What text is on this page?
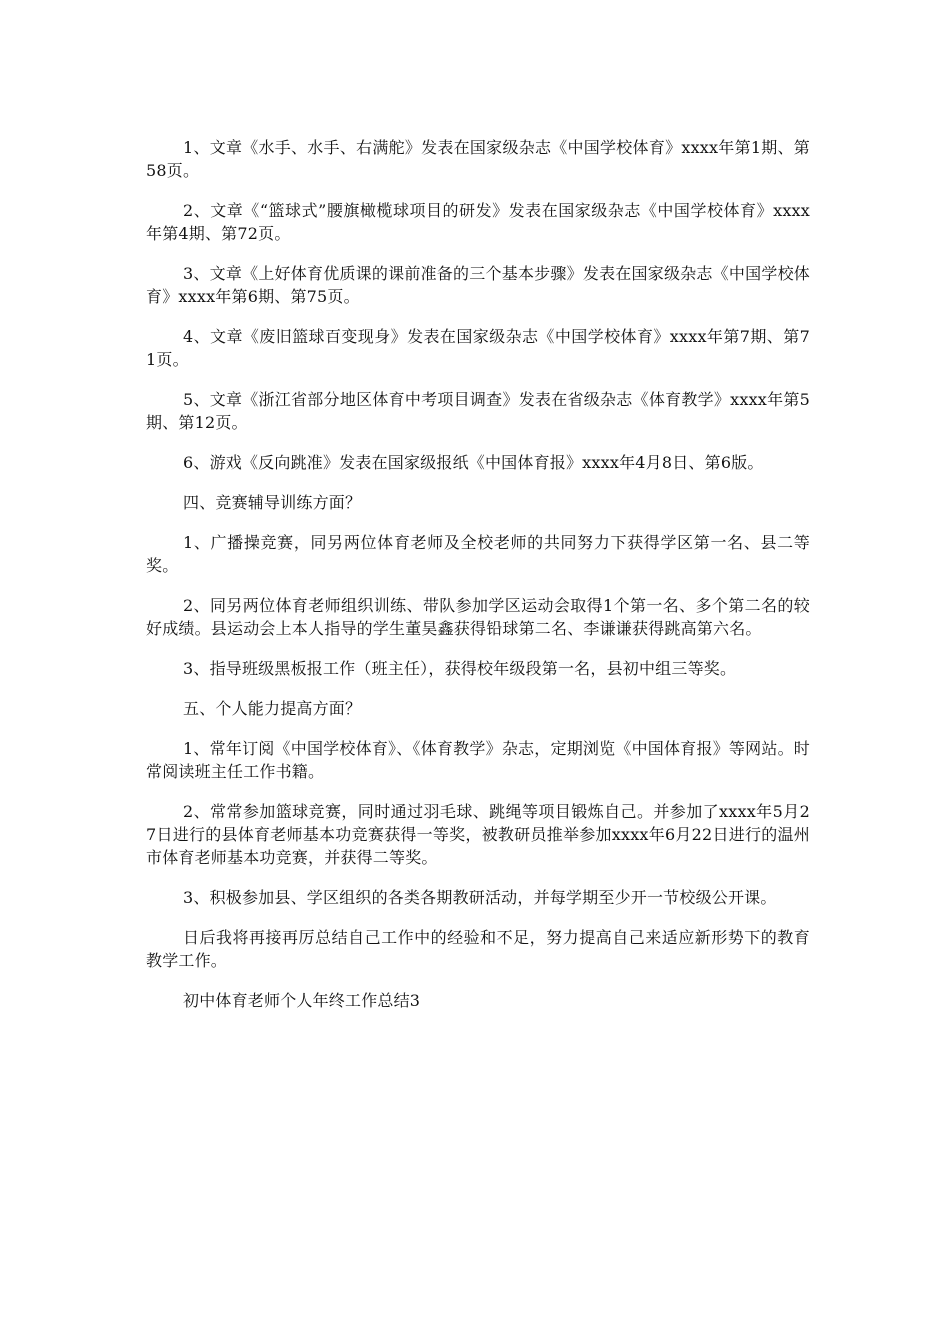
1、文章《水手、水手、右满舵》发表在国家级杂志《中国学校体育》xxxx年第1期、第58页。

2、文章《“篮球式”腰旗橄榄球项目的研发》发表在国家级杂志《中国学校体育》xxxx年第4期、第72页。

3、文章《上好体育优质课的课前准备的三个基本步骤》发表在国家级杂志《中国学校体育》xxxx年第6期、第75页。

4、文章《废旧篮球百变现身》发表在国家级杂志《中国学校体育》xxxx年第7期、第71页。

5、文章《浙江省部分地区体育中考项目调查》发表在省级杂志《体育教学》xxxx年第5期、第12页。

6、游戏《反向跳准》发表在国家级报纸《中国体育报》xxxx年4月8日、第6版。

四、竞赛辅导训练方面？

1、广播操竞赛，同另两位体育老师及全校老师的共同努力下获得学区第一名、县二等奖。

2、同另两位体育老师组织训练、带队参加学区运动会取得1个第一名、多个第二名的较好成绩。县运动会上本人指导的学生董昊鑫获得铅球第二名、李谦谦获得跳高第六名。

3、指导班级黑板报工作（班主任），获得校年级段第一名，县初中组三等奖。

五、个人能力提高方面？

1、常年订阅《中国学校体育》、《体育教学》杂志，定期浏览《中国体育报》等网站。时常阅读班主任工作书籍。

2、常常参加篮球竞赛，同时通过羽毛球、跳绳等项目锻炼自己。并参加了xxxx年5月27日进行的县体育老师基本功竞赛获得一等奖，被教研员推举参加xxxx年6月22日进行的温州市体育老师基本功竞赛，并获得二等奖。

3、积极参加县、学区组织的各类各期教研活动，并每学期至少开一节校级公开课。

日后我将再接再厉总结自己工作中的经验和不足，努力提高自己来适应新形势下的教育教学工作。

初中体育老师个人年终工作总结3
